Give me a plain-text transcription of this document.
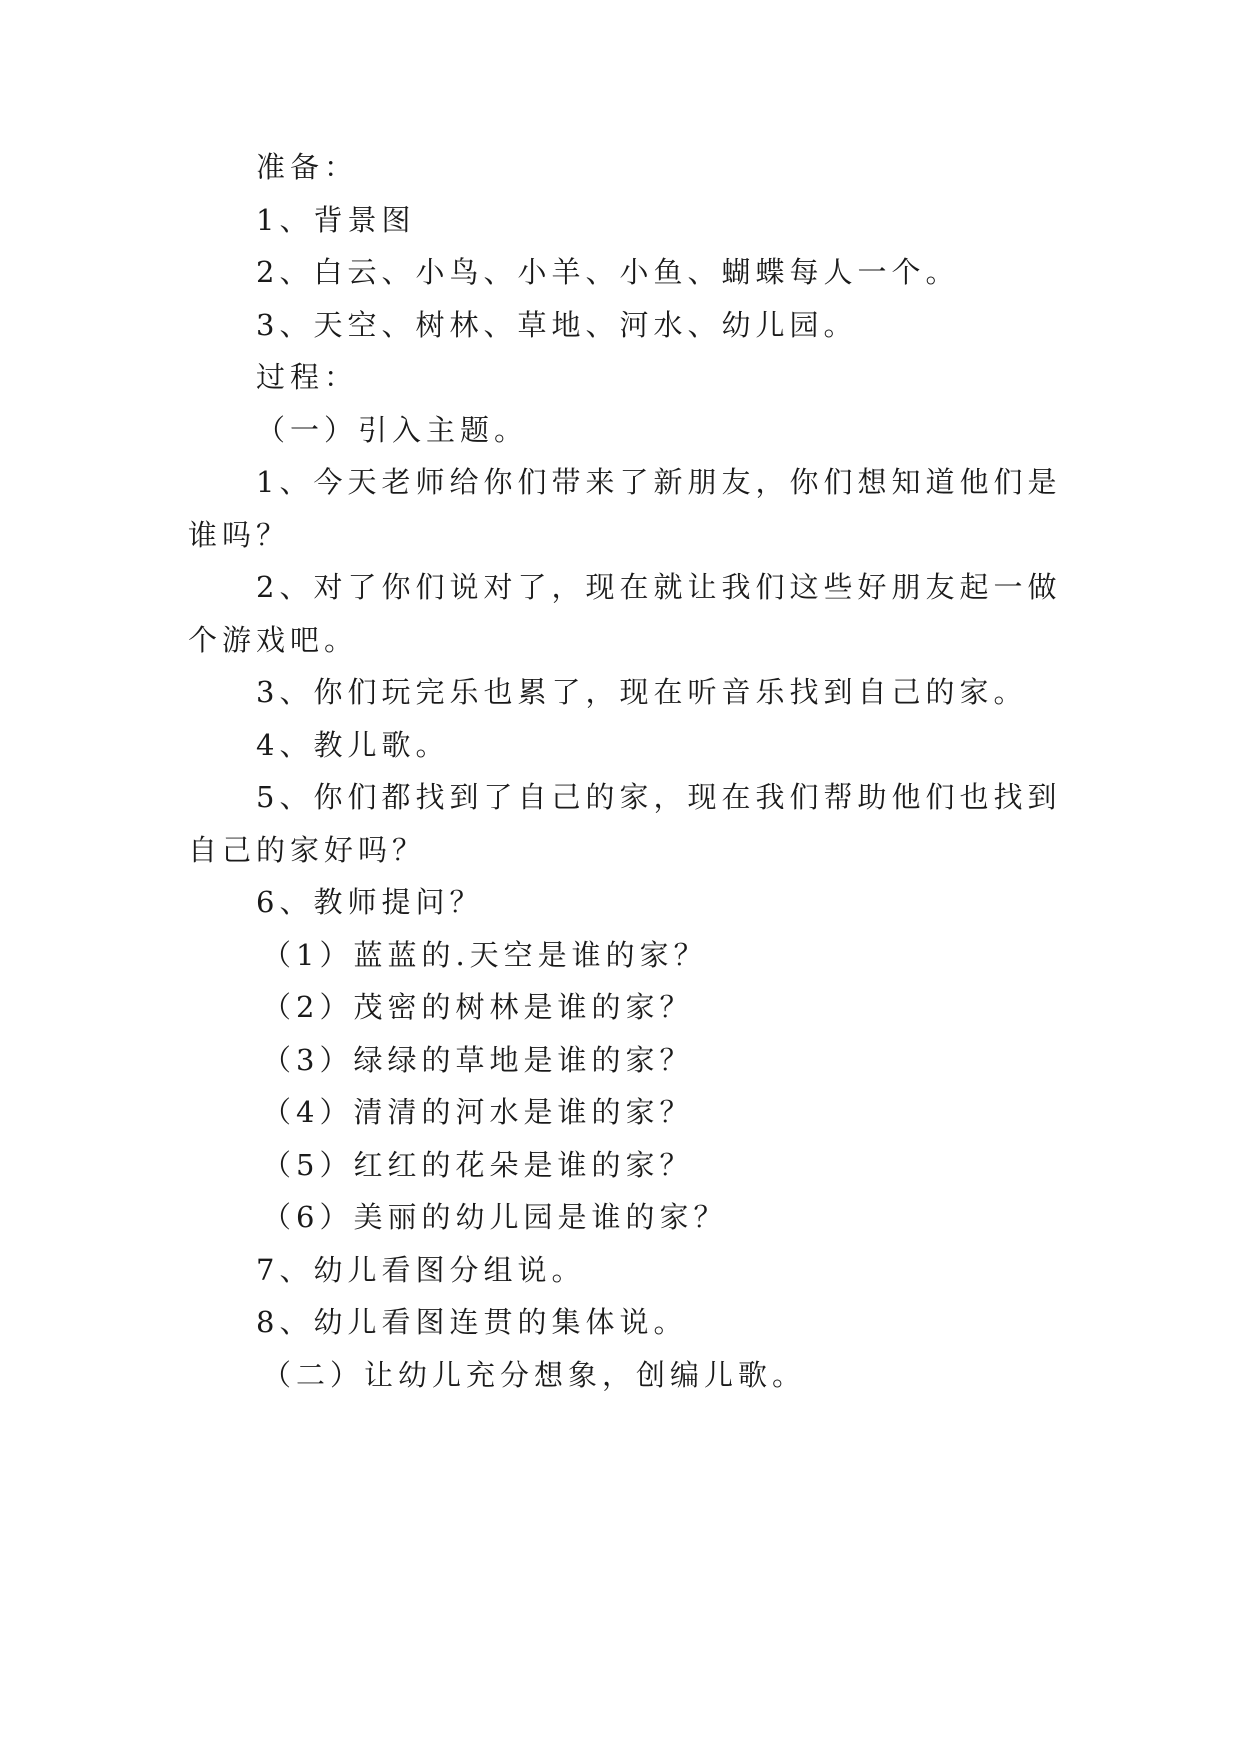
准备：
1、背景图
2、白云、小鸟、小羊、小鱼、蝴蝶每人一个。
3、天空、树林、草地、河水、幼儿园。
过程：
（一）引入主题。
1、今天老师给你们带来了新朋友，你们想知道他们是
谁吗？
2、对了你们说对了，现在就让我们这些好朋友起一做
个游戏吧。
3、你们玩完乐也累了，现在听音乐找到自己的家。
4、教儿歌。
5、你们都找到了自己的家，现在我们帮助他们也找到
自己的家好吗？
6、教师提问？
（1）蓝蓝的.天空是谁的家？
（2）茂密的树林是谁的家？
（3）绿绿的草地是谁的家？
（4）清清的河水是谁的家？
（5）红红的花朵是谁的家？
（6）美丽的幼儿园是谁的家？
7、幼儿看图分组说。
8、幼儿看图连贯的集体说。
（二）让幼儿充分想象，创编儿歌。
